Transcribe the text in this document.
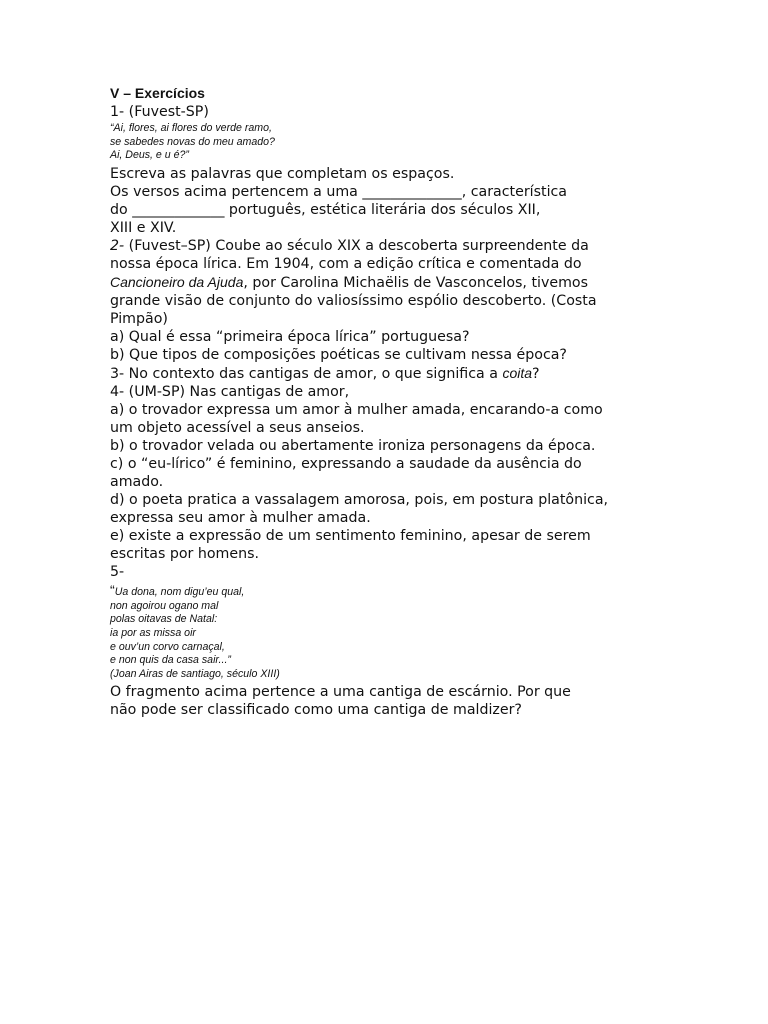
V – Exercícios
1- (Fuvest-SP)
“Ai, flores, ai flores do verde ramo,
se sabedes novas do meu amado?
Ai, Deus, e u é?”
Escreva as palavras que completam os espaços.
Os versos acima pertencem a uma ______________, característica
do _____________ português, estética literária dos séculos XII,
XIII e XIV.
2- (Fuvest–SP) Coube ao século XIX a descoberta surpreendente da
nossa época lírica. Em 1904, com a edição crítica e comentada do
Cancioneiro da Ajuda, por Carolina Michaëlis de Vasconcelos, tivemos
grande visão de conjunto do valiosíssimo espólio descoberto. (Costa
Pimpão)
a) Qual é essa “primeira época lírica” portuguesa?
b) Que tipos de composições poéticas se cultivam nessa época?
3- No contexto das cantigas de amor, o que significa a coita?
4- (UM-SP) Nas cantigas de amor,
a) o trovador expressa um amor à mulher amada, encarando-a como
um objeto acessível a seus anseios.
b) o trovador velada ou abertamente ironiza personagens da época.
c) o “eu-lírico” é feminino, expressando a saudade da ausência do
amado.
d) o poeta pratica a vassalagem amorosa, pois, em postura platônica,
expressa seu amor à mulher amada.
e) existe a expressão de um sentimento feminino, apesar de serem
escritas por homens.
5-
“Ua dona, nom digu’eu qual,
non agoirou ogano mal
polas oitavas de Natal:
ia por as missa oir
e ouv’un corvo carnaçal,
e non quis da casa sair...”
(Joan Airas de santiago, século XIII)
O fragmento acima pertence a uma cantiga de escárnio. Por que
não pode ser classificado como uma cantiga de maldizer?
